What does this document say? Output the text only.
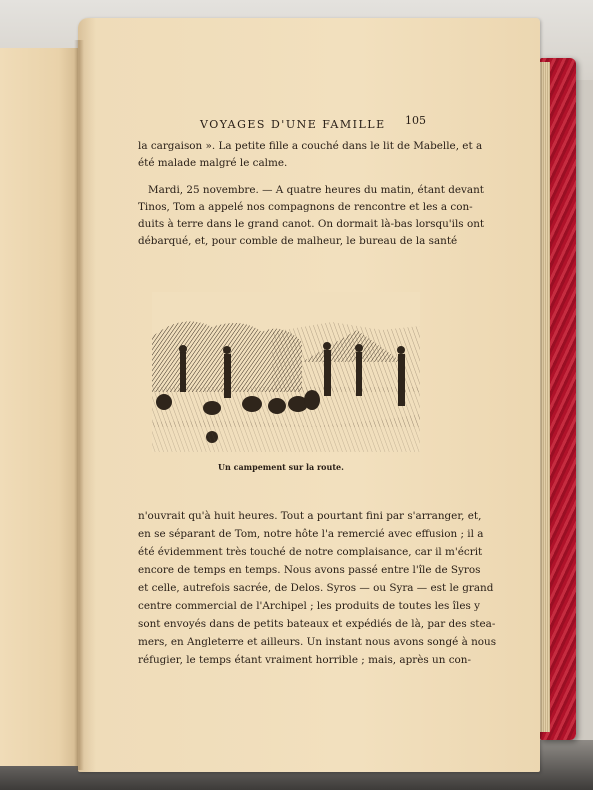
VOYAGES D'UNE FAMILLE 105
la cargaison ». La petite fille a couché dans le lit de Mabelle, et a
été malade malgré le calme.
Mardi, 25 novembre. — A quatre heures du matin, étant devant
Tinos, Tom a appelé nos compagnons de rencontre et les a con-
duits à terre dans le grand canot. On dormait là-bas lorsqu'ils ont
débarqué, et, pour comble de malheur, le bureau de la santé
Un campement sur la route.
n'ouvrait qu'à huit heures. Tout a pourtant fini par s'arranger, et,
en se séparant de Tom, notre hôte l'a remercié avec effusion ; il a
été évidemment très touché de notre complaisance, car il m'écrit
encore de temps en temps. Nous avons passé entre l'île de Syros
et celle, autrefois sacrée, de Delos. Syros — ou Syra — est le grand
centre commercial de l'Archipel ; les produits de toutes les îles y
sont envoyés dans de petits bateaux et expédiés de là, par des stea-
mers, en Angleterre et ailleurs. Un instant nous avons songé à nous
réfugier, le temps étant vraiment horrible ; mais, après un con-
